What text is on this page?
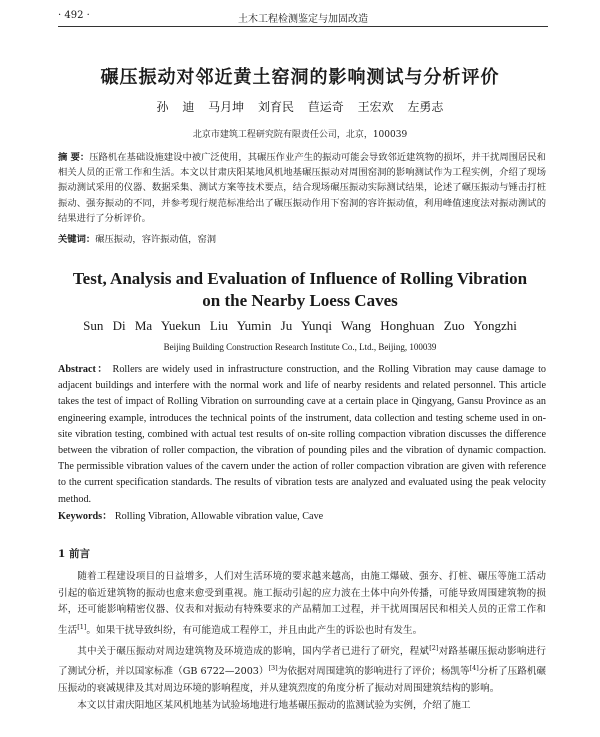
· 492 ·	土木工程检测鉴定与加固改造
碾压振动对邻近黄土窑洞的影响测试与分析评价
孙 迪 马月坤 刘育民 苣运奇 王宏欢 左勇志
北京市建筑工程研究院有限责任公司，北京，100039
摘 要：压路机在基础设施建设中被广泛使用，其碾压作业产生的振动可能会导致邻近建筑物的损坏，并干扰周围居民和相关人员的正常工作和生活。本文以甘肃庆阳某地风机地基碾压振动对周围窑洞的影响测试作为工程实例，介绍了现场振动测试采用的仪器、数据采集、测试方案等技术要点，结合现场碾压振动实际测试结果，论述了碾压振动与锤击打桩振动、强夯振动的不同，并参考现行规范标准给出了碾压振动作用下窑洞的容许振动值，利用峰值速度法对振动测试的结果进行了分析评价。
关键词：碾压振动，容许振动值，窑洞
Test, Analysis and Evaluation of Influence of Rolling Vibration
on the Nearby Loess Caves
Sun Di Ma Yuekun Liu Yumin Ju Yunqi Wang Honghuan Zuo Yongzhi
Beijing Building Construction Research Institute Co., Ltd., Beijing, 100039
Abstract： Rollers are widely used in infrastructure construction, and the Rolling Vibration may cause damage to adjacent buildings and interfere with the normal work and life of nearby residents and related personnel. This article takes the test of impact of Rolling Vibration on surrounding cave at a certain place in Qingyang, Gansu Province as an engineering example, introduces the technical points of the instrument, data collection and testing scheme used in on-site vibration testing, combined with actual test results of on-site rolling compaction vibration discusses the difference between the vibration of roller compaction, the vibration of pounding piles and the vibration of dynamic compaction. The permissible vibration values of the cavern under the action of roller compaction vibration are given with reference to the current specification standards. The results of vibration tests are analyzed and evaluated using the peak velocity method.
Keywords： Rolling Vibration, Allowable vibration value, Cave
1 前言

随着工程建设项目的日益增多，人们对生活环境的要求越来越高，由施工爆破、强夯、打桩、碾压等施工活动引起的临近建筑物的振动也愈来愈受到重视。施工振动引起的应力波在土体中向外传播，可能导致周围建筑物的损坏，还可能影响精密仪器、仪表和对振动有特殊要求的产品精加工过程，并干扰周围居民和相关人员的正常工作和生活[1]。如果干扰导致纠纷，有可能造成工程停工，并且由此产生的诉讼也时有发生。

其中关于碾压振动对周边建筑物及环境造成的影响，国内学者已进行了研究，程斌[2]对路基碾压振动影响进行了测试分析，并以国家标准（GB 6722—2003）[3]为依据对周围建筑的影响进行了评价；杨凯等[4]分析了压路机碾压振动的衰减规律及其对周边环境的影响程度，并从建筑烈度的角度分析了振动对周围建筑结构的影响。

本文以甘肃庆阳地区某风机地基为试验场地进行地基碾压振动的监测试验为实例，介绍了施工
